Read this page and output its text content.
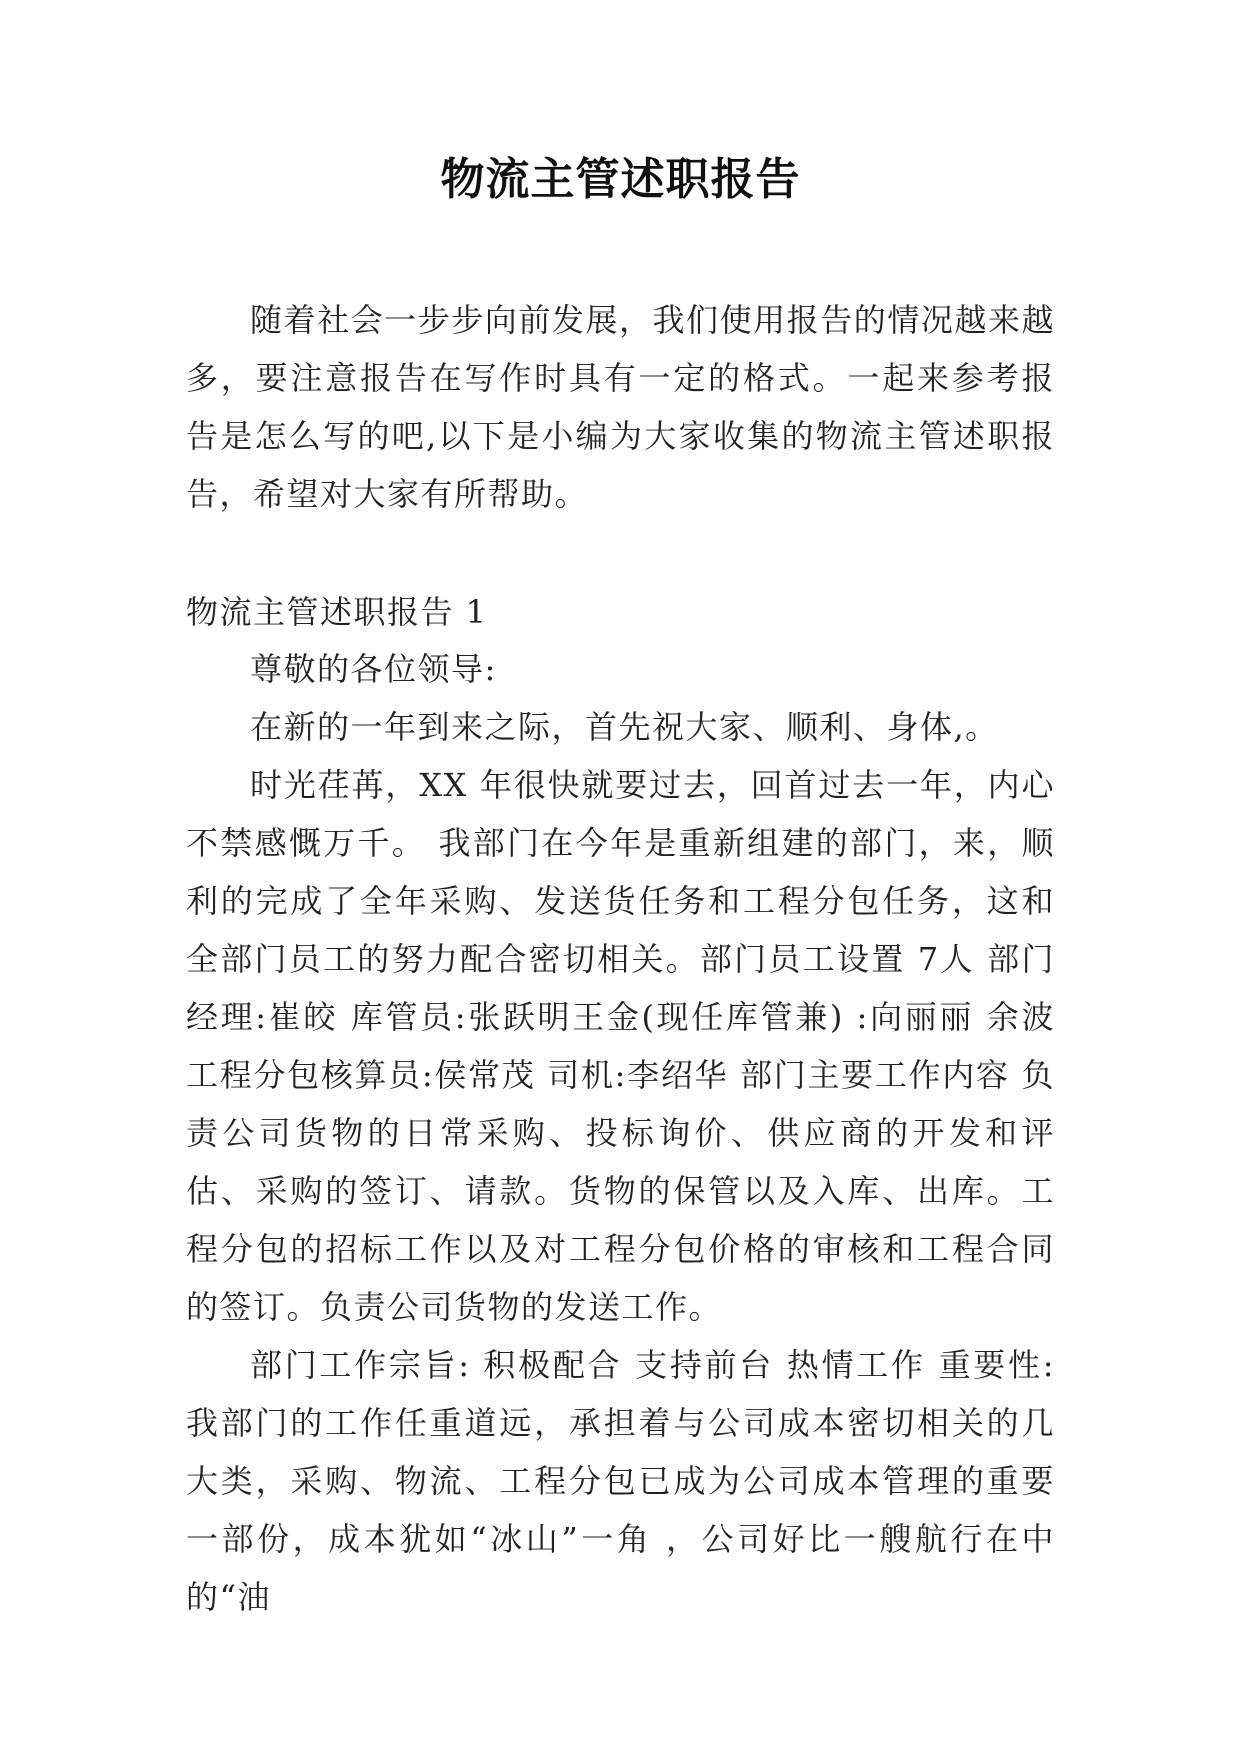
物流主管述职报告

随着社会一步步向前发展，我们使用报告的情况越来越多，要注意报告在写作时具有一定的格式。一起来参考报告是怎么写的吧,以下是小编为大家收集的物流主管述职报告，希望对大家有所帮助。

物流主管述职报告 1

尊敬的各位领导:

在新的一年到来之际，首先祝大家、顺利、身体,。

时光荏苒，XX 年很快就要过去，回首过去一年，内心不禁感慨万千。 我部门在今年是重新组建的部门，来，顺利的完成了全年采购、发送货任务和工程分包任务，这和全部门员工的努力配合密切相关。部门员工设置 7人 部门经理:崔皎 库管员:张跃明王金(现任库管兼) :向丽丽 余波 工程分包核算员:侯常茂 司机:李绍华 部门主要工作内容 负责公司货物的日常采购、投标询价、供应商的开发和评估、采购的签订、请款。货物的保管以及入库、出库。工程分包的招标工作以及对工程分包价格的审核和工程合同的签订。负责公司货物的发送工作。

部门工作宗旨: 积极配合 支持前台 热情工作 重要性:我部门的工作任重道远，承担着与公司成本密切相关的几大类，采购、物流、工程分包已成为公司成本管理的重要一部份，成本犹如“冰山”一角 ，公司好比一艘航行在中的“油
